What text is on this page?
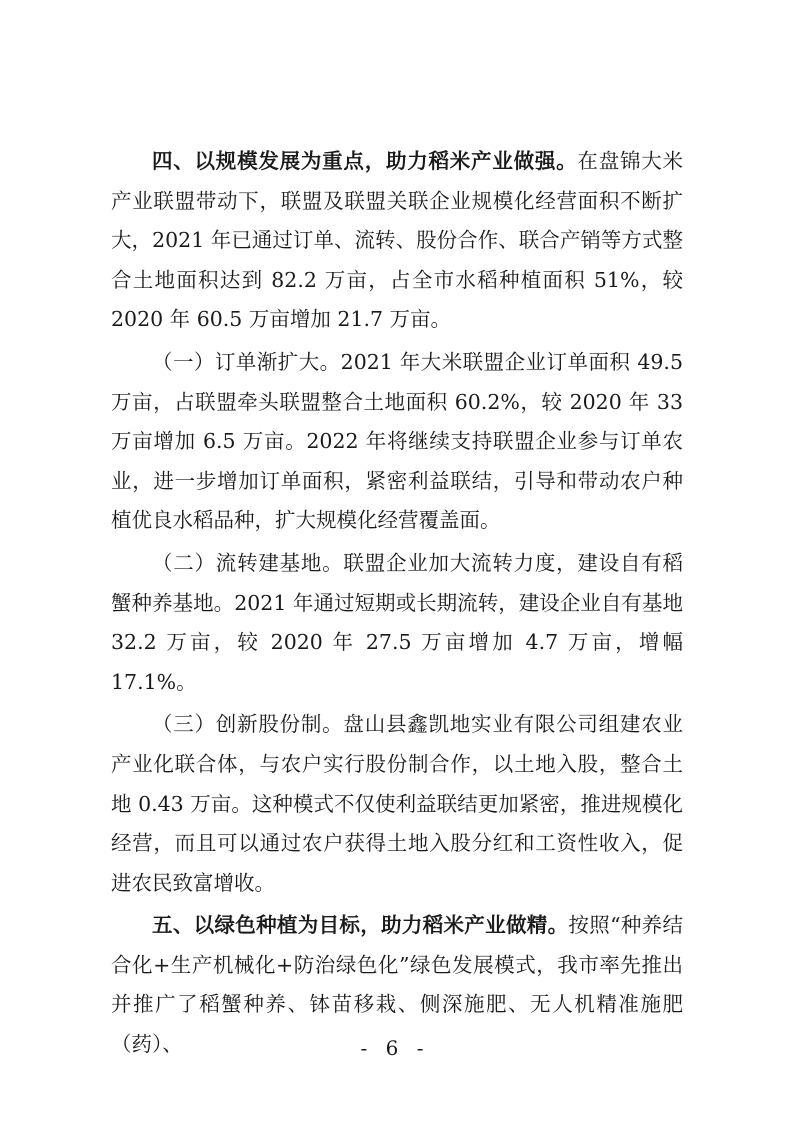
四、以规模发展为重点，助力稻米产业做强。在盘锦大米产业联盟带动下，联盟及联盟关联企业规模化经营面积不断扩大，2021 年已通过订单、流转、股份合作、联合产销等方式整合土地面积达到 82.2 万亩，占全市水稻种植面积 51%，较 2020 年 60.5 万亩增加 21.7 万亩。

（一）订单渐扩大。2021 年大米联盟企业订单面积 49.5 万亩，占联盟牵头联盟整合土地面积 60.2%，较 2020 年 33 万亩增加 6.5 万亩。2022 年将继续支持联盟企业参与订单农业，进一步增加订单面积，紧密利益联结，引导和带动农户种植优良水稻品种，扩大规模化经营覆盖面。

（二）流转建基地。联盟企业加大流转力度，建设自有稻蟹种养基地。2021 年通过短期或长期流转，建设企业自有基地 32.2 万亩，较 2020 年 27.5 万亩增加 4.7 万亩，增幅 17.1%。

（三）创新股份制。盘山县鑫凯地实业有限公司组建农业产业化联合体，与农户实行股份制合作，以土地入股，整合土地 0.43 万亩。这种模式不仅使利益联结更加紧密，推进规模化经营，而且可以通过农户获得土地入股分红和工资性收入，促进农民致富增收。

五、以绿色种植为目标，助力稻米产业做精。按照“种养结合化+生产机械化+防治绿色化”绿色发展模式，我市率先推出并推广了稻蟹种养、钵苗移栽、侧深施肥、无人机精准施肥（药）、	- 6 -
